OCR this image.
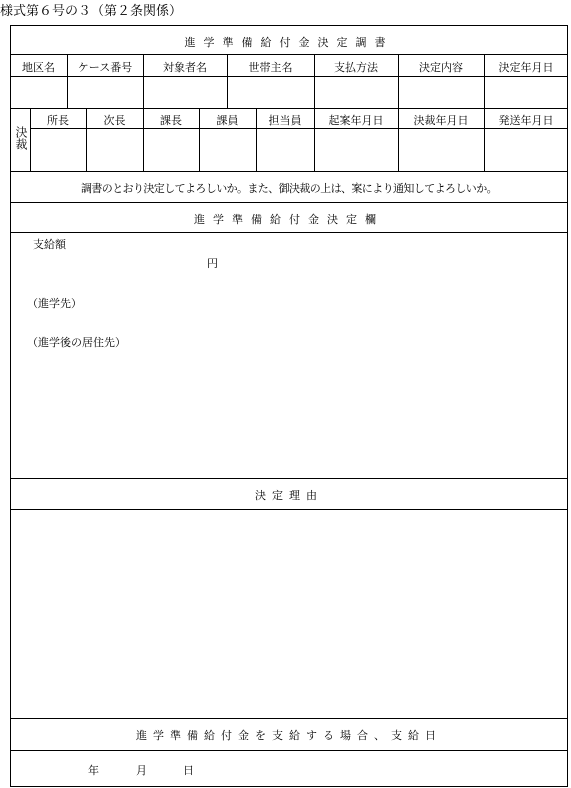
様式第６号の３（第２条関係）
進学準備給付金決定調書
地区名	ケース番号	対象者名	世帯主名	支払方法	決定内容	決定年月日
決裁
所長	次長	課長	課員	担当員	起案年月日	決裁年月日	発送年月日
調書のとおり決定してよろしいか。また、御決裁の上は、案により通知してよろしいか。
進学準備給付金決定欄
支給額
円
（進学先）
（進学後の居住先）
決定理由
進学準備給付金を支給する場合、支給日
年	月	日
